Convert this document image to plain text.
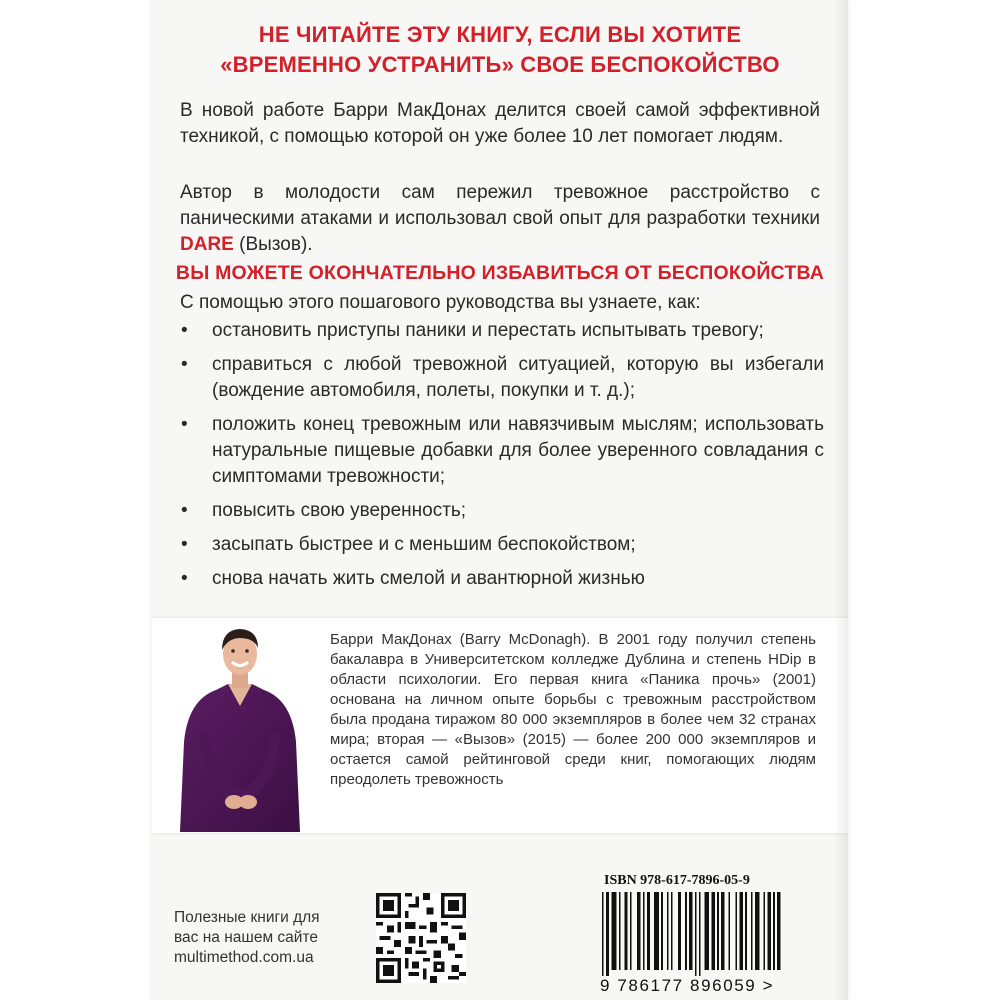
НЕ ЧИТАЙТЕ ЭТУ КНИГУ, ЕСЛИ ВЫ ХОТИТЕ
«ВРЕМЕННО УСТРАНИТЬ» СВОЕ БЕСПОКОЙСТВО
В новой работе Барри МакДонах делится своей самой эффективной техникой, с помощью которой он уже более 10 лет помогает людям.
Автор в молодости сам пережил тревожное расстройство с паническими атаками и использовал свой опыт для разработки техники DARE (Вызов).
ВЫ МОЖЕТЕ ОКОНЧАТЕЛЬНО ИЗБАВИТЬСЯ ОТ БЕСПОКОЙСТВА
С помощью этого пошагового руководства вы узнаете, как:
• остановить приступы паники и перестать испытывать тревогу;
• справиться с любой тревожной ситуацией, которую вы избегали (вождение автомобиля, полеты, покупки и т. д.);
• положить конец тревожным или навязчивым мыслям; использовать натуральные пищевые добавки для более уверенного совладания с симптомами тревожности;
• повысить свою уверенность;
• засыпать быстрее и с меньшим беспокойством;
• снова начать жить смелой и авантюрной жизнью
Барри МакДонах (Barry McDonagh). В 2001 году получил степень бакалавра в Университетском колледже Дублина и степень HDip в области психологии. Его первая книга «Паника прочь» (2001) основана на личном опыте борьбы с тревожным расстройством была продана тиражом 80 000 экземпляров в более чем 32 странах мира; вторая — «Вызов» (2015) — более 200 000 экземпляров и остается самой рейтинговой среди книг, помогающих людям преодолеть тревожность
Полезные книги для
вас на нашем сайте
multimethod.com.ua
ISBN 978-617-7896-05-9
9 786177 896059 >
